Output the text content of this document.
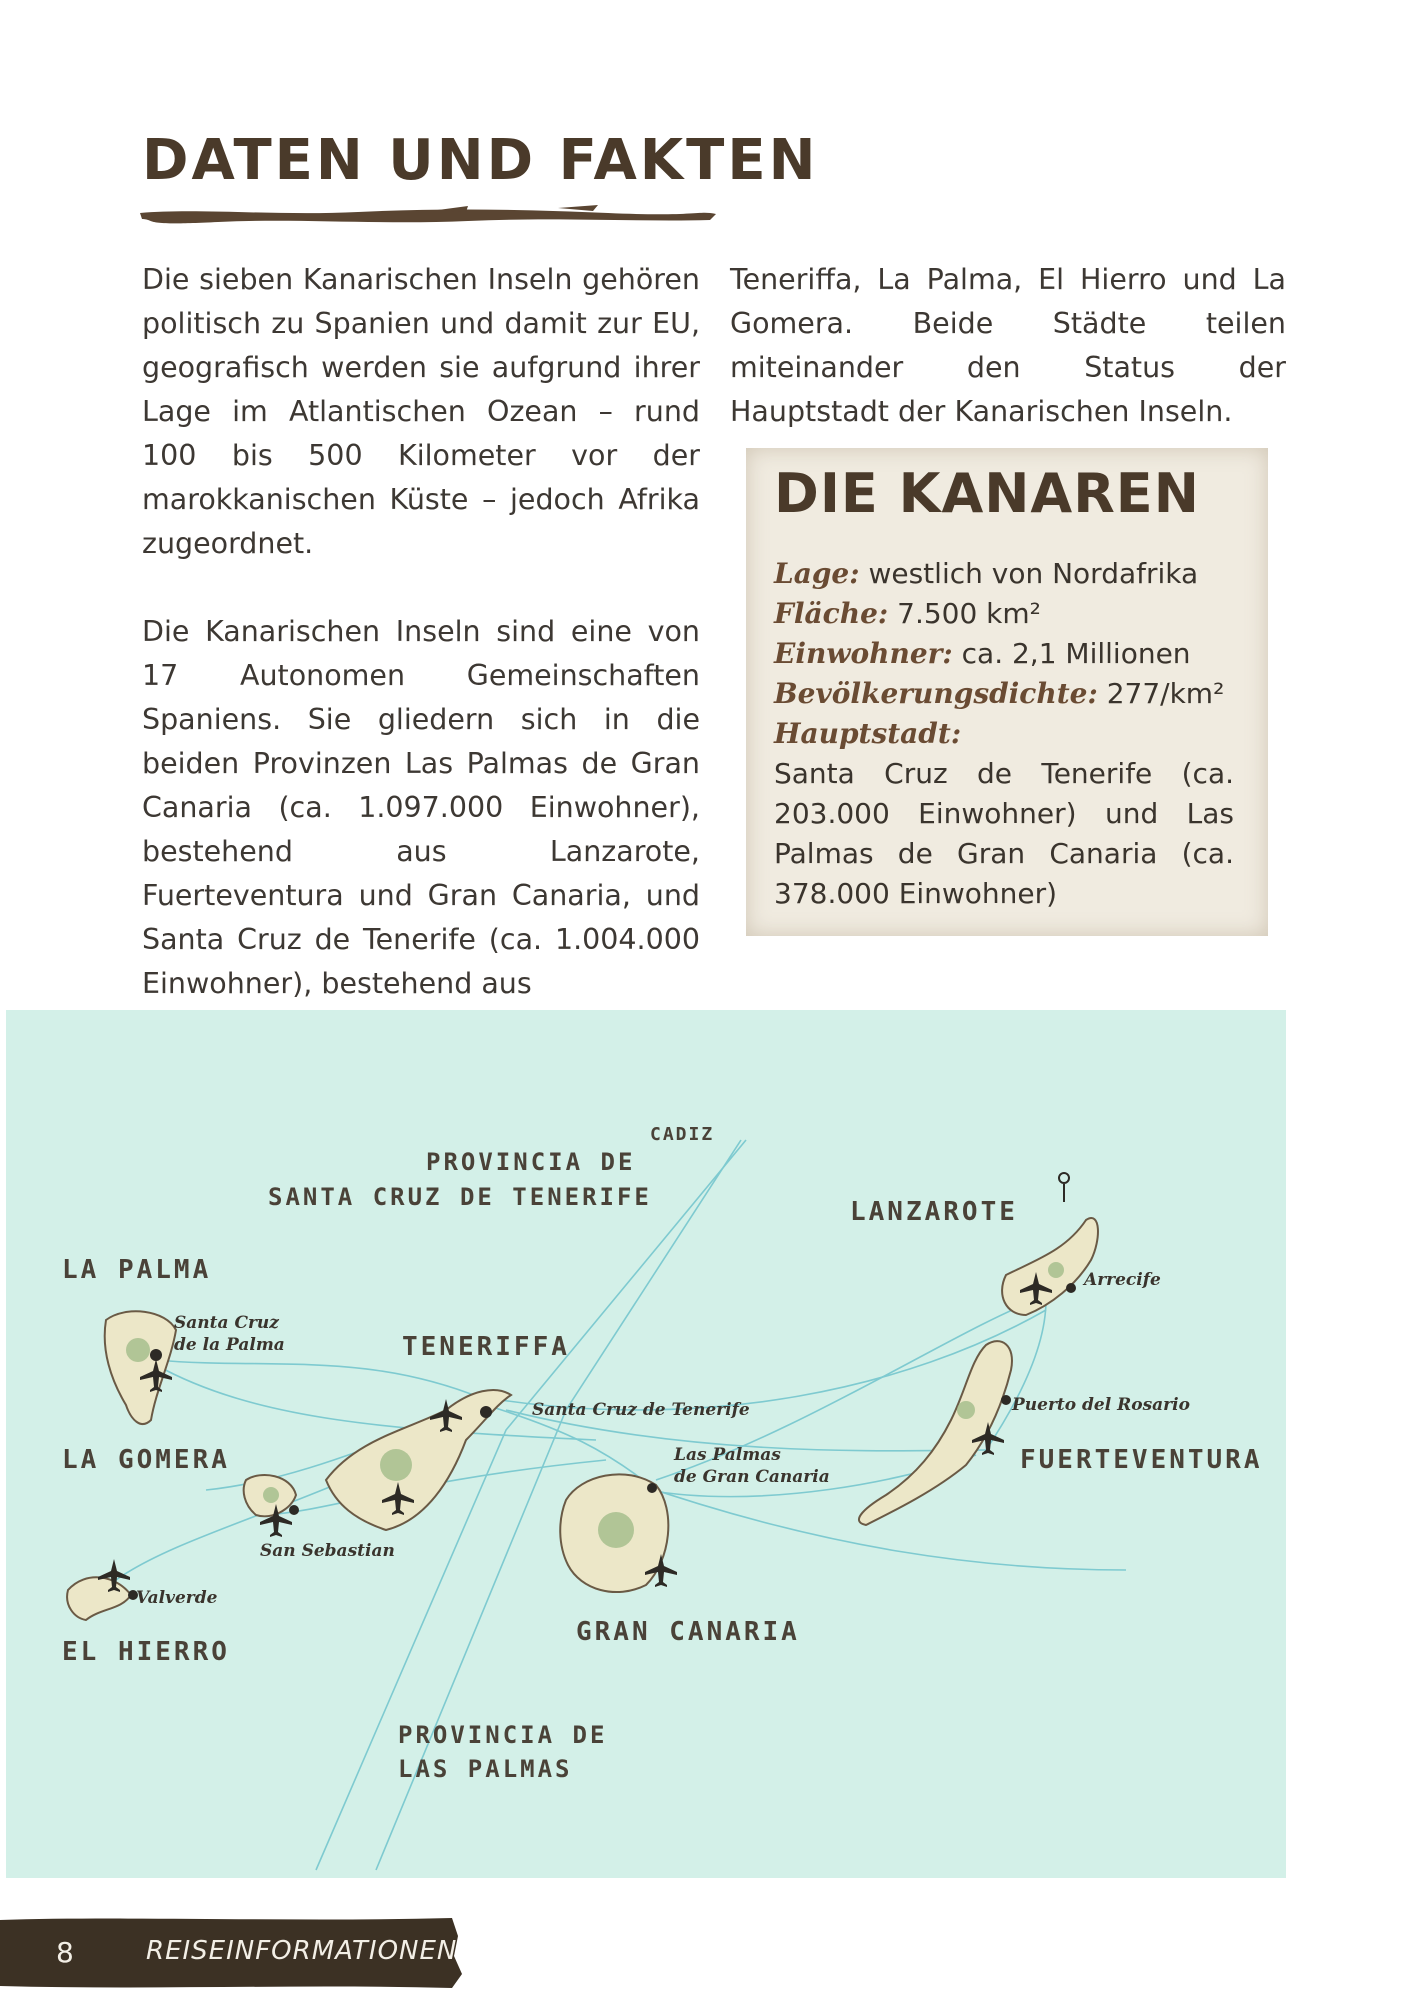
DATEN UND FAKTEN

Die sieben Kanarischen Inseln gehören politisch zu Spanien und damit zur EU, geografisch werden sie aufgrund ihrer Lage im Atlantischen Ozean – rund 100 bis 500 Kilometer vor der marokkanischen Küste – jedoch Afrika zugeordnet.

Die Kanarischen Inseln sind eine von 17 Autonomen Gemeinschaften Spaniens. Sie gliedern sich in die beiden Provinzen Las Palmas de Gran Canaria (ca. 1.097.000 Einwohner), bestehend aus Lanzarote, Fuerteventura und Gran Canaria, und Santa Cruz de Tenerife (ca. 1.004.000 Einwohner), bestehend aus

Teneriffa, La Palma, El Hierro und La Gomera. Beide Städte teilen miteinander den Status der Hauptstadt der Kanarischen Inseln.

DIE KANAREN
Lage: westlich von Nordafrika
Fläche: 7.500 km²
Einwohner: ca. 2,1 Millionen
Bevölkerungsdichte: 277/km²
Hauptstadt:
Santa Cruz de Tenerife (ca. 203.000 Einwohner) und Las Palmas de Gran Canaria (ca. 378.000 Einwohner)
CADIZ
PROVINCIA DE
SANTA CRUZ DE TENERIFE	LANZAROTE
LA PALMA
TENERIFFA
LA GOMERA	FUERTEVENTURA
EL HIERRO
GRAN CANARIA
PROVINCIA DE
LAS PALMAS
Santa Cruz
de la Palma
Santa Cruz de Tenerife
San Sebastian
Valverde
Las Palmas
de Gran Canaria
Arrecife
Puerto del Rosario
8	REISEINFORMATIONEN
